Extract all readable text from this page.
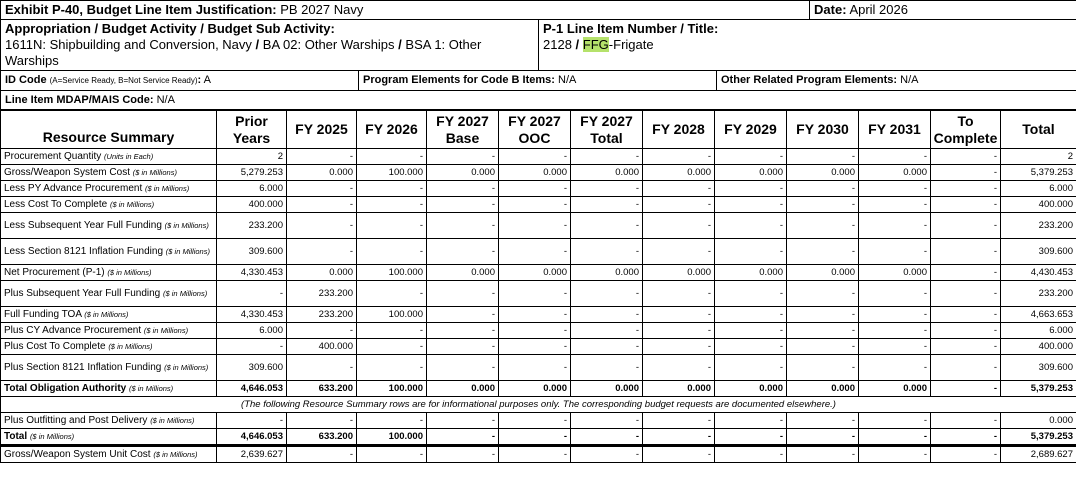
Exhibit P-40, Budget Line Item Justification: PB 2027 Navy		Date: April 2026
Appropriation / Budget Activity / Budget Sub Activity:
1611N: Shipbuilding and Conversion, Navy / BA 02: Other Warships / BSA 1: Other
Warships	P-1 Line Item Number / Title:
2128 / FFG-Frigate	
ID Code (A=Service Ready, B=Not Service Ready): A	Program Elements for Code B Items: N/A	Other Related Program Elements: N/A
Line Item MDAP/MAIS Code: N/A
Resource Summary	Prior Years	FY 2025	FY 2026	FY 2027 Base	FY 2027 OOC	FY 2027 Total	FY 2028	FY 2029	FY 2030	FY 2031	To Complete	Total
Procurement Quantity (Units in Each)	2	-	-	-	-	-	-	-	-	-	-	2
Gross/Weapon System Cost ($ in Millions)	5,279.253	0.000	100.000	0.000	0.000	0.000	0.000	0.000	0.000	0.000	-	5,379.253
Less PY Advance Procurement ($ in Millions)	6.000	-	-	-	-	-	-	-	-	-	-	6.000
Less Cost To Complete ($ in Millions)	400.000	-	-	-	-	-	-	-	-	-	-	400.000
Less Subsequent Year Full Funding ($ in Millions)	233.200	-	-	-	-	-	-	-	-	-	-	233.200
Less Section 8121 Inflation Funding ($ in Millions)	309.600	-	-	-	-	-	-	-	-	-	-	309.600
Net Procurement (P-1) ($ in Millions)	4,330.453	0.000	100.000	0.000	0.000	0.000	0.000	0.000	0.000	0.000	-	4,430.453
Plus Subsequent Year Full Funding ($ in Millions)	-	233.200	-	-	-	-	-	-	-	-	-	233.200
Full Funding TOA ($ in Millions)	4,330.453	233.200	100.000	-	-	-	-	-	-	-	-	4,663.653
Plus CY Advance Procurement ($ in Millions)	6.000	-	-	-	-	-	-	-	-	-	-	6.000
Plus Cost To Complete ($ in Millions)	-	400.000	-	-	-	-	-	-	-	-	-	400.000
Plus Section 8121 Inflation Funding ($ in Millions)	309.600	-	-	-	-	-	-	-	-	-	-	309.600
Total Obligation Authority ($ in Millions)	4,646.053	633.200	100.000	0.000	0.000	0.000	0.000	0.000	0.000	0.000	-	5,379.253
(The following Resource Summary rows are for informational purposes only. The corresponding budget requests are documented elsewhere.)												
Plus Outfitting and Post Delivery ($ in Millions)	-	-	-	-	-	-	-	-	-	-	-	0.000
Total ($ in Millions)	4,646.053	633.200	100.000	-	-	-	-	-	-	-	-	5,379.253
Gross/Weapon System Unit Cost ($ in Millions)	2,639.627	-	-	-	-	-	-	-	-	-	-	2,689.627
